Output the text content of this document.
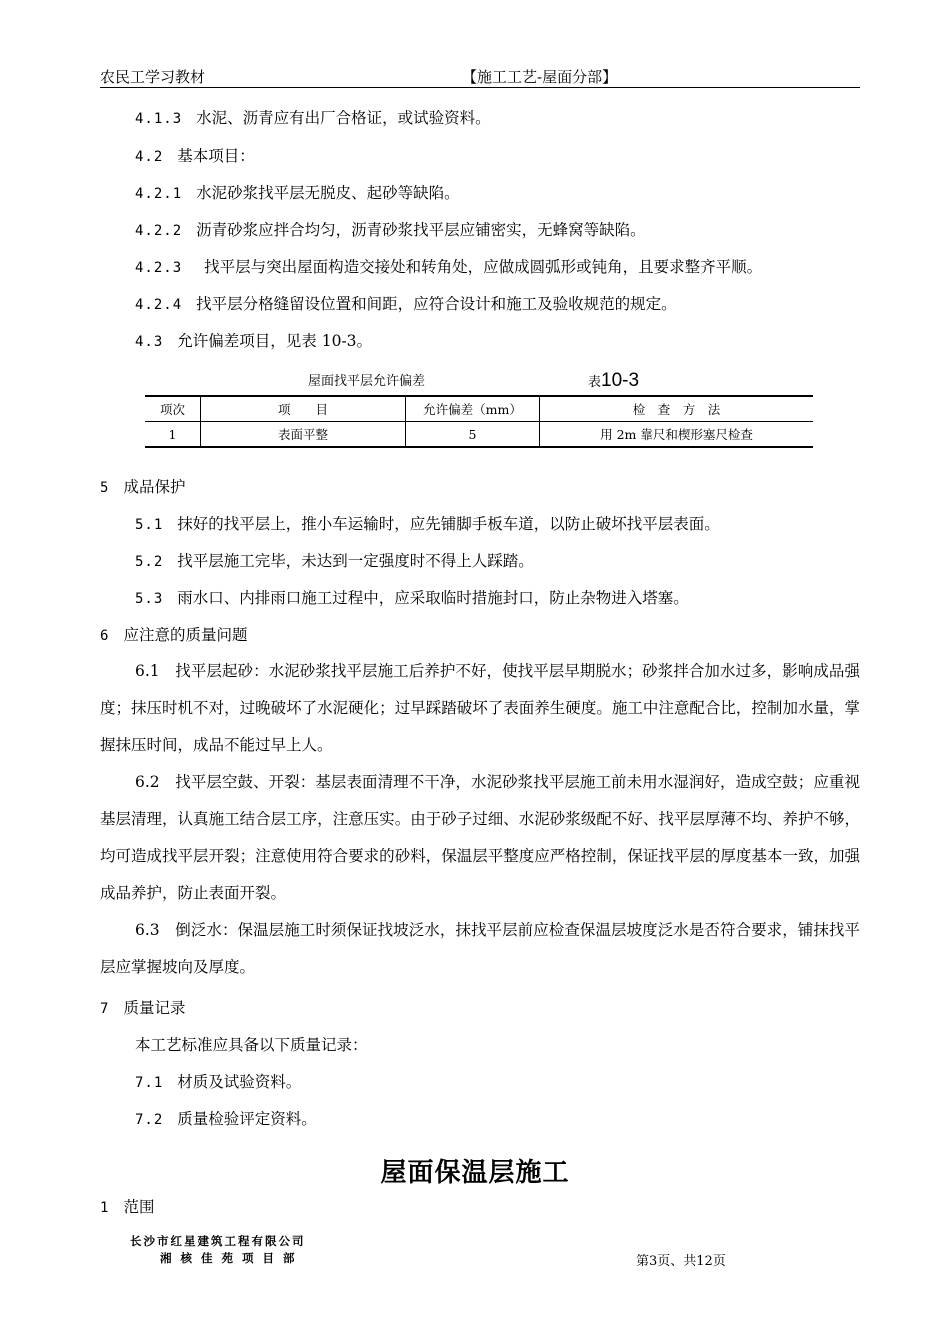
农民工学习教材	【施工工艺-屋面分部】
4.1.3 水泥、沥青应有出厂合格证，或试验资料。
4.2 基本项目：
4.2.1 水泥砂浆找平层无脱皮、起砂等缺陷。
4.2.2 沥青砂浆应拌合均匀，沥青砂浆找平层应铺密实，无蜂窝等缺陷。
4.2.3 找平层与突出屋面构造交接处和转角处，应做成圆弧形或钝角，且要求整齐平顺。
4.2.4 找平层分格缝留设位置和间距，应符合设计和施工及验收规范的规定。
4.3 允许偏差项目，见表 10-3。
屋面找平层允许偏差	表10-3
项次	项　　目	允许偏差（mm）	检　查　方　法
1	表面平整	5	用 2m 靠尺和楔形塞尺检查
5 成品保护
5.1 抹好的找平层上，推小车运输时，应先铺脚手板车道，以防止破坏找平层表面。
5.2 找平层施工完毕，未达到一定强度时不得上人踩踏。
5.3 雨水口、内排雨口施工过程中，应采取临时措施封口，防止杂物进入塔塞。
6 应注意的质量问题
6.1　找平层起砂：水泥砂浆找平层施工后养护不好，使找平层早期脱水；砂浆拌合加水过多，影响成品强度；抹压时机不对，过晚破坏了水泥硬化；过早踩踏破坏了表面养生硬度。施工中注意配合比，控制加水量，掌握抹压时间，成品不能过早上人。
6.2　找平层空鼓、开裂：基层表面清理不干净，水泥砂浆找平层施工前未用水湿润好，造成空鼓；应重视基层清理，认真施工结合层工序，注意压实。由于砂子过细、水泥砂浆级配不好、找平层厚薄不均、养护不够，均可造成找平层开裂；注意使用符合要求的砂料，保温层平整度应严格控制，保证找平层的厚度基本一致，加强成品养护，防止表面开裂。
6.3　倒泛水：保温层施工时须保证找坡泛水，抹找平层前应检查保温层坡度泛水是否符合要求，铺抹找平层应掌握坡向及厚度。
7 质量记录
本工艺标准应具备以下质量记录：
7.1 材质及试验资料。
7.2 质量检验评定资料。
屋面保温层施工
1 范围
长沙市红星建筑工程有限公司
湘核佳苑项目部	第3页、共12页
